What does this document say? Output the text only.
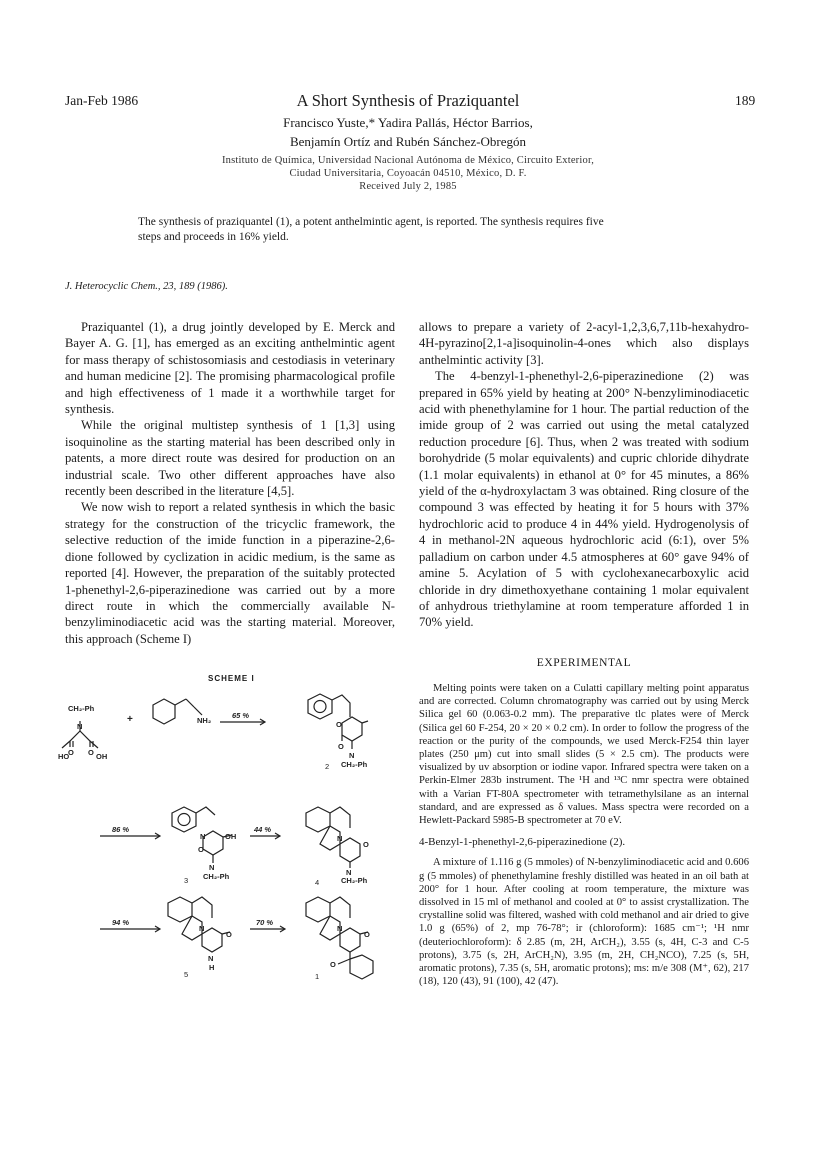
Jan-Feb 1986	A Short Synthesis of Praziquantel	189
Francisco Yuste,* Yadira Pallás, Héctor Barrios,
Benjamín Ortíz and Rubén Sánchez-Obregón
Instituto de Química, Universidad Nacional Autónoma de México, Circuito Exterior,
Ciudad Universitaria, Coyoacán 04510, México, D. F.
Received July 2, 1985
The synthesis of praziquantel (1), a potent anthelmintic agent, is reported. The synthesis requires five
steps and proceeds in 16% yield.
J. Heterocyclic Chem., 23, 189 (1986).

Praziquantel (1), a drug jointly developed by E. Merck and Bayer A. G. [1], has emerged as an exciting anthelmintic agent for mass therapy of schistosomiasis and cestodiasis in veterinary and human medicine [2]. The promising pharmacological profile and high effectiveness of 1 made it a worthwhile target for synthesis.

While the original multistep synthesis of 1 [1,3] using isoquinoline as the starting material has been described only in patents, a more direct route was desired for production on an industrial scale. Two other different approaches have also recently been described in the literature [4,5].

We now wish to report a related synthesis in which the basic strategy for the construction of the tricyclic framework, the selective reduction of the imide function in a piperazine-2,6-dione followed by cyclization in acidic medium, is the same as reported [4]. However, the preparation of the suitably protected 1-phenethyl-2,6-piperazinedione was carried out by a more direct route in which the commercially available N-benzyliminodiacetic acid was the starting material. Moreover, this approach (Scheme I)

allows to prepare a variety of 2-acyl-1,2,3,6,7,11b-hexahydro-4H-pyrazino[2,1-a]isoquinolin-4-ones which also displays anthelmintic activity [3].

The 4-benzyl-1-phenethyl-2,6-piperazinedione (2) was prepared in 65% yield by heating at 200° N-benzyliminodiacetic acid with phenethylamine for 1 hour. The partial reduction of the imide group of 2 was carried out using the metal catalyzed reduction procedure [6]. Thus, when 2 was treated with sodium borohydride (5 molar equivalents) and cupric chloride dihydrate (1.1 molar equivalents) in ethanol at 0° for 45 minutes, a 86% yield of the α-hydroxylactam 3 was obtained. Ring closure of the compound 3 was effected by heating it for 5 hours with 37% hydrochloric acid to produce 4 in 44% yield. Hydrogenolysis of 4 in methanol-2N aqueous hydrochloric acid (6:1), over 5% palladium on carbon under 4.5 atmospheres at 60° gave 94% of amine 5. Acylation of 5 with cyclohexanecarboxylic acid chloride in dry dimethoxyethane containing 1 molar equivalent of anhydrous triethylamine at room temperature afforded 1 in 70% yield.

EXPERIMENTAL

Melting points were taken on a Culatti capillary melting point apparatus and are corrected. Column chromatography was carried out by using Merck Silica gel 60 (0.063-0.2 mm). The preparative tlc plates were of Merck (Silica gel 60 F-254, 20 × 20 × 0.2 cm). In order to follow the progress of the reaction or the purity of the compounds, we used Merck-F254 thin layer plates (250 μm) cut into small slides (5 × 2.5 cm). The products were visualized by uv absorption or iodine vapor. Infrared spectra were taken on a Perkin-Elmer 283b instrument. The ¹H and ¹³C nmr spectra were obtained with a Varian FT-80A spectrometer with tetramethylsilane as an internal standard, and are expressed as δ values. Mass spectra were recorded on a Hewlett-Packard 5985-B spectrometer at 70 eV.

4-Benzyl-1-phenethyl-2,6-piperazinedione (2).

A mixture of 1.116 g (5 mmoles) of N-benzyliminodiacetic acid and 0.606 g (5 mmoles) of phenethylamine freshly distilled was heated in an oil bath at 200° for 1 hour. After cooling at room temperature, the mixture was dissolved in 15 ml of methanol and cooled at 0° to assist crystallization. The crystalline solid was filtered, washed with cold methanol and air dried to give 1.0 g (65%) of 2, mp 76-78°; ir (chloroform): 1685 cm⁻¹; ¹H nmr (deuteriochloroform): δ 2.85 (m, 2H, ArCH₂), 3.55 (s, 4H, C-3 and C-5 protons), 3.75 (s, 2H, ArCH₂N), 3.95 (m, 2H, CH₂NCO), 7.25 (s, 5H, aromatic protons), 7.35 (s, 5H, aromatic protons); ms: m/e 308 (M⁺, 62), 217 (18), 120 (43), 91 (100), 42 (47).

SCHEME I
CH₂-Ph
N
HO
O O OH
+	NH₂
65 %
O
O
N
CH₂-Ph
2
86 %
N	OH
N
CH₂-Ph
O
3
44 %
N
O
N
CH₂-Ph
4
94 %
N
O
N
H
5
70 %
N
O
O
1
